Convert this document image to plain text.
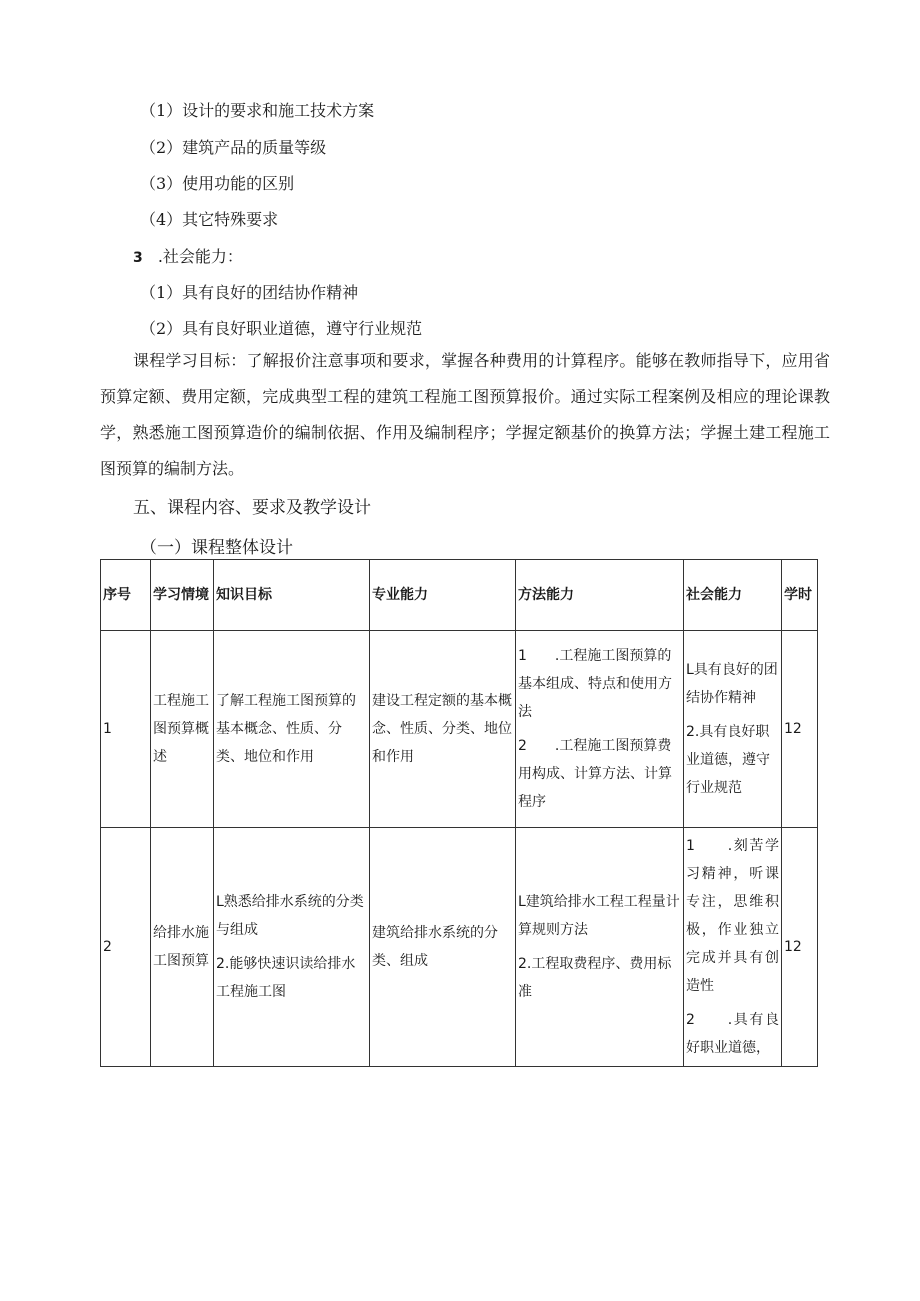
（1）设计的要求和施工技术方案
（2）建筑产品的质量等级
（3）使用功能的区别
（4）其它特殊要求
3 .社会能力：
（1）具有良好的团结协作精神
（2）具有良好职业道德，遵守行业规范
课程学习目标：了解报价注意事项和要求，掌握各种费用的计算程序。能够在教师指导下，应用省预算定额、费用定额，完成典型工程的建筑工程施工图预算报价。通过实际工程案例及相应的理论课教学，熟悉施工图预算造价的编制依据、作用及编制程序；学握定额基价的换算方法；学握土建工程施工图预算的编制方法。
五、课程内容、要求及教学设计
（一）课程整体设计
序号	学习情境	知识目标	专业能力	方法能力	社会能力	学时
1	工程施工图预算概述	了解工程施工图预算的基本概念、性质、分类、地位和作用	建设工程定额的基本概念、性质、分类、地位和作用	1　　.工程施工图预算的基本组成、特点和使用方法
2　　.工程施工图预算费用构成、计算方法、计算程序	L具有良好的团结协作精神
2.具有良好职业道德，遵守行业规范	12
2	给排水施工图预算	L熟悉给排水系统的分类与组成
2.能够快速识读给排水工程施工图	建筑给排水系统的分类、组成	L建筑给排水工程工程量计算规则方法
2.工程取费程序、费用标准	1　　.刻苦学习精神，听课专注，思维积极，作业独立完成并具有创造性
2　　.具有良好职业道德，	12
